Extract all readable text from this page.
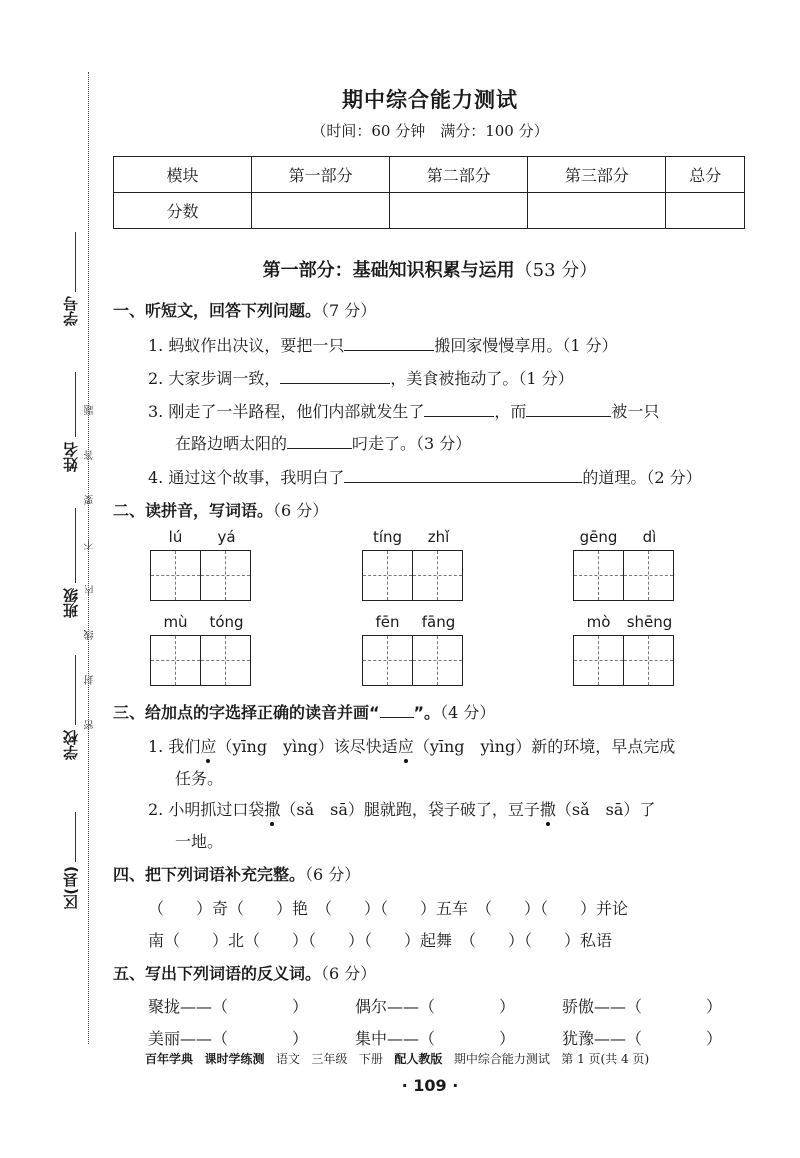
学号
姓名
班级
学校
区(县)
题
答
要
不
内
线
封
密
期中综合能力测试
（时间：60 分钟　满分：100 分）
模块	第一部分	第二部分	第三部分	总分
分数				
第一部分：基础知识积累与运用（53 分）
一、听短文，回答下列问题。（7 分）
1. 蚂蚁作出决议，要把一只	搬回家慢慢享用。（1 分）
2. 大家步调一致，	，美食被拖动了。（1 分）
3. 刚走了一半路程，他们内部就发生了	，而	被一只
在路边晒太阳的	叼走了。（3 分）
4. 通过这个故事，我明白了	的道理。（2 分）
二、读拼音，写词语。（6 分）
lú	yá	tíng	zhǐ	gēng	dì
mù	tóng	fēn	fāng	mò	shēng
三、给加点的字选择正确的读音并画“ ”。（4 分）
1. 我们应（yīng　yìng）该尽快适应（yīng　yìng）新的环境，早点完成
任务。
2. 小明抓过口袋撒（sǎ　sā）腿就跑，袋子破了，豆子撒（sǎ　sā）了
一地。
四、把下列词语补充完整。（6 分）
（　　）奇（　　）艳　（　　）（　　）五车　（　　）（　　）并论
南（　　）北（　　）（　　）（　　）起舞　（　　）（　　）私语
五、写出下列词语的反义词。（6 分）
聚拢——（　　　　）	偶尔——（　　　　）	骄傲——（　　　　）
美丽——（　　　　）	集中——（　　　　）	犹豫——（　　　　）
百年学典 课时学练测 语文 三年级 下册 配人教版 期中综合能力测试 第 1 页(共 4 页)
· 109 ·
